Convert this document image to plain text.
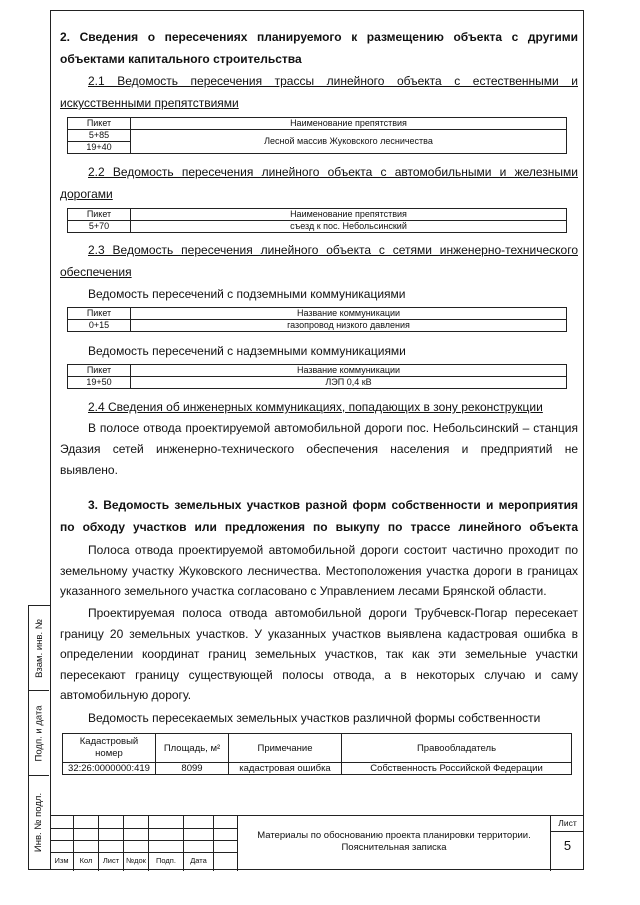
2. Сведения о пересечениях планируемого к размещению объекта с другими
объектами капитального строительства
2.1 Ведомость пересечения трассы линейного объекта с естественными и
искусственными препятствиями
Пикет	Наименование препятствия
5+85	Лесной массив Жуковского лесничества
19+40	
2.2 Ведомость пересечения линейного объекта с автомобильными и железными
дорогами
Пикет	Наименование препятствия
5+70	съезд к пос. Небольсинский
2.3 Ведомость пересечения линейного объекта с сетями инженерно-технического
обеспечения
Ведомость пересечений с подземными коммуникациями
Пикет	Название коммуникации
0+15	газопровод низкого давления
Ведомость пересечений с надземными коммуникациями
Пикет	Название коммуникации
19+50	ЛЭП 0,4 кВ
2.4 Сведения об инженерных коммуникациях, попадающих в зону реконструкции
В полосе отвода проектируемой автомобильной дороги пос. Небольсинский – станция
Эдазия сетей инженерно-технического обеспечения населения и предприятий не
выявлено.
3. Ведомость земельных участков разной форм собственности и мероприятия
по обходу участков или предложения по выкупу по трассе линейного объекта
Полоса отвода проектируемой автомобильной дороги состоит частично проходит по земельному участку Жуковского лесничества. Местоположения участка дороги в границах указанного земельного участка согласовано с Управлением лесами Брянской области.
Проектируемая полоса отвода автомобильной дороги Трубчевск-Погар пересекает границу 20 земельных участков. У указанных участков выявлена кадастровая ошибка в определении координат границ земельных участков, так как эти земельные участки пересекают границу существующей полосы отвода, а в некоторых случаю и саму автомобильную дорогу.
Ведомость пересекаемых земельных участков различной формы собственности
Кадастровый
номер	Площадь, м²	Примечание	Правообладатель
32:26:0000000:419	8099	кадастровая ошибка	Собственность Российской Федерации
Взам. инв. №
Подп. и дата
Инв. № подл.
Изм	Кол	Лист №док	Подп.	Дата
Материалы по обоснованию проекта планировки территории.
Пояснительная записка
Лист
5
